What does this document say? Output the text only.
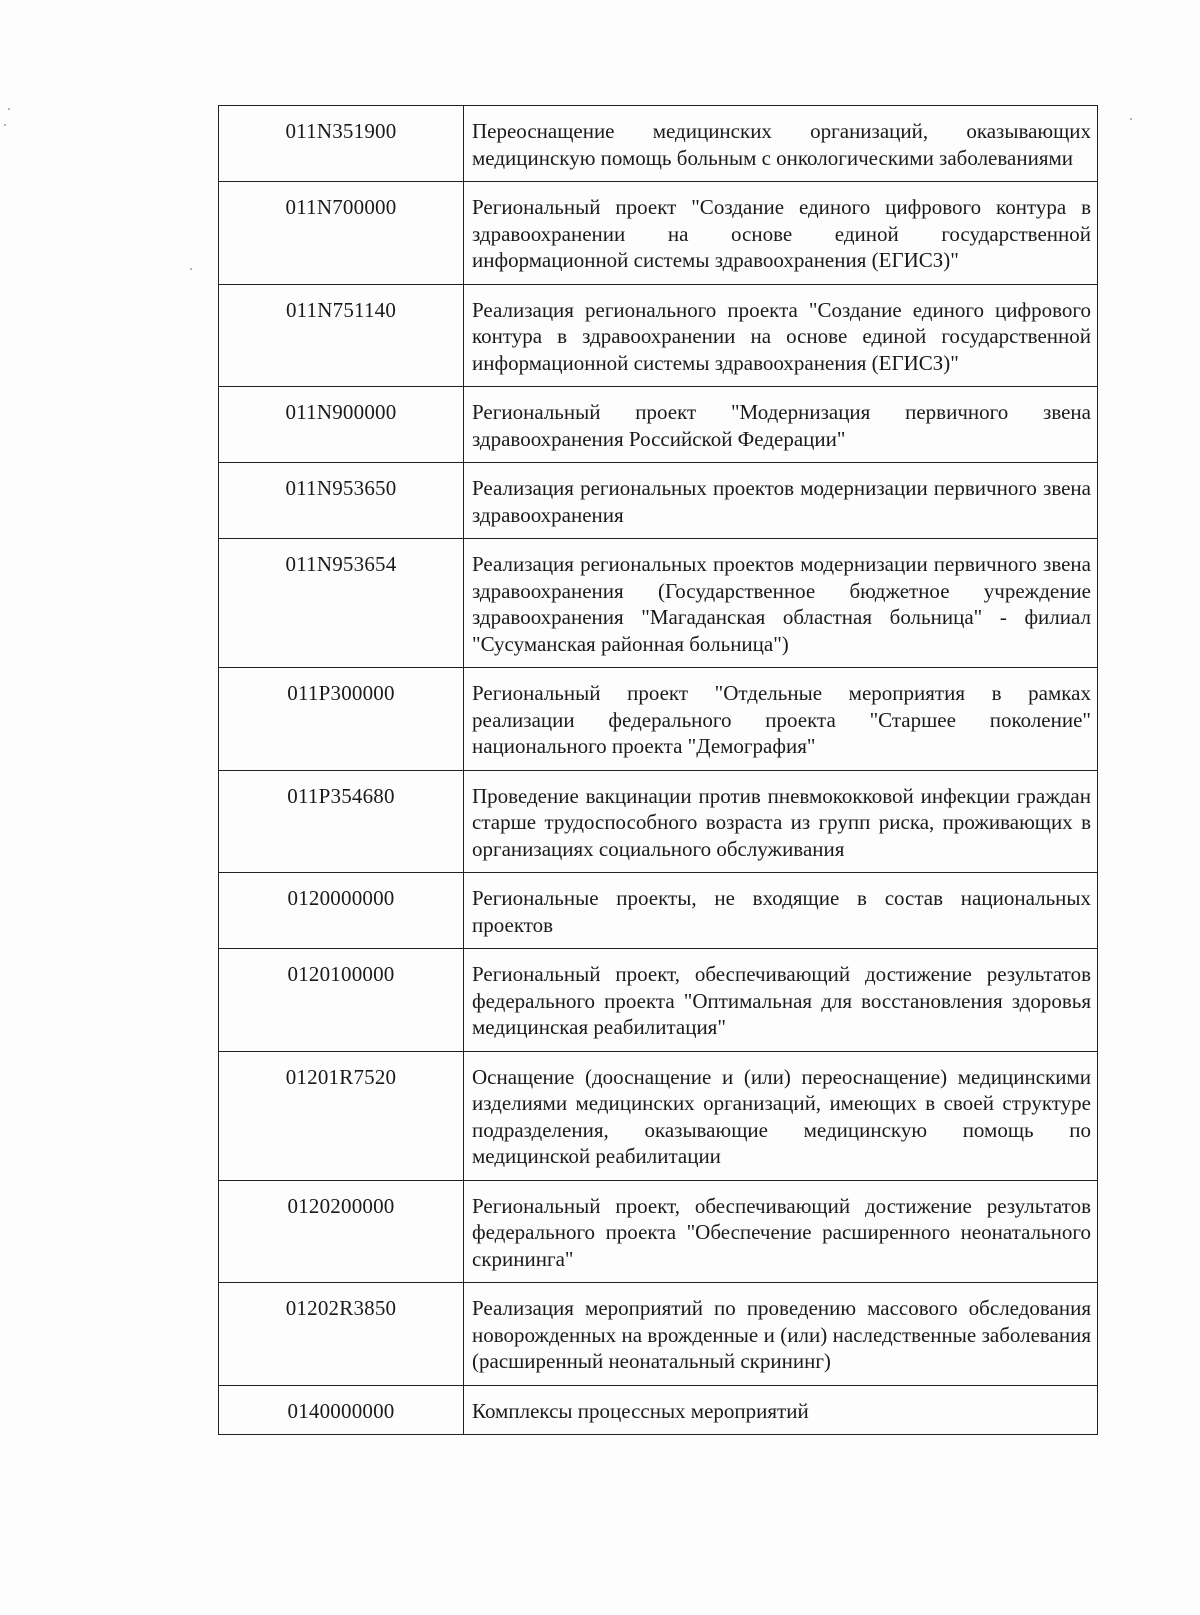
011N351900	Переоснащение медицинских организаций, оказывающих медицинскую помощь больным с онкологическими заболеваниями
011N700000	Региональный проект "Создание единого цифрового контура в здравоохранении на основе единой государственной информационной системы здравоохранения (ЕГИСЗ)"
011N751140	Реализация регионального проекта "Создание единого цифрового контура в здравоохранении на основе единой государственной информационной системы здравоохранения (ЕГИСЗ)"
011N900000	Региональный проект "Модернизация первичного звена здравоохранения Российской Федерации"
011N953650	Реализация региональных проектов модернизации первичного звена здравоохранения
011N953654	Реализация региональных проектов модернизации первичного звена здравоохранения (Государственное бюджетное учреждение здравоохранения "Магаданская областная больница" - филиал "Сусуманская районная больница")
011P300000	Региональный проект "Отдельные мероприятия в рамках реализации федерального проекта "Старшее поколение" национального проекта "Демография"
011P354680	Проведение вакцинации против пневмококковой инфекции граждан старше трудоспособного возраста из групп риска, проживающих в организациях социального обслуживания
0120000000	Региональные проекты, не входящие в состав национальных проектов
0120100000	Региональный проект, обеспечивающий достижение результатов федерального проекта "Оптимальная для восстановления здоровья медицинская реабилитация"
01201R7520	Оснащение (дооснащение и (или) переоснащение) медицинскими изделиями медицинских организаций, имеющих в своей структуре подразделения, оказывающие медицинскую помощь по медицинской реабилитации
0120200000	Региональный проект, обеспечивающий достижение результатов федерального проекта "Обеспечение расширенного неонатального скрининга"
01202R3850	Реализация мероприятий по проведению массового обследования новорожденных на врожденные и (или) наследственные заболевания (расширенный неонатальный скрининг)
0140000000	Комплексы процессных мероприятий
